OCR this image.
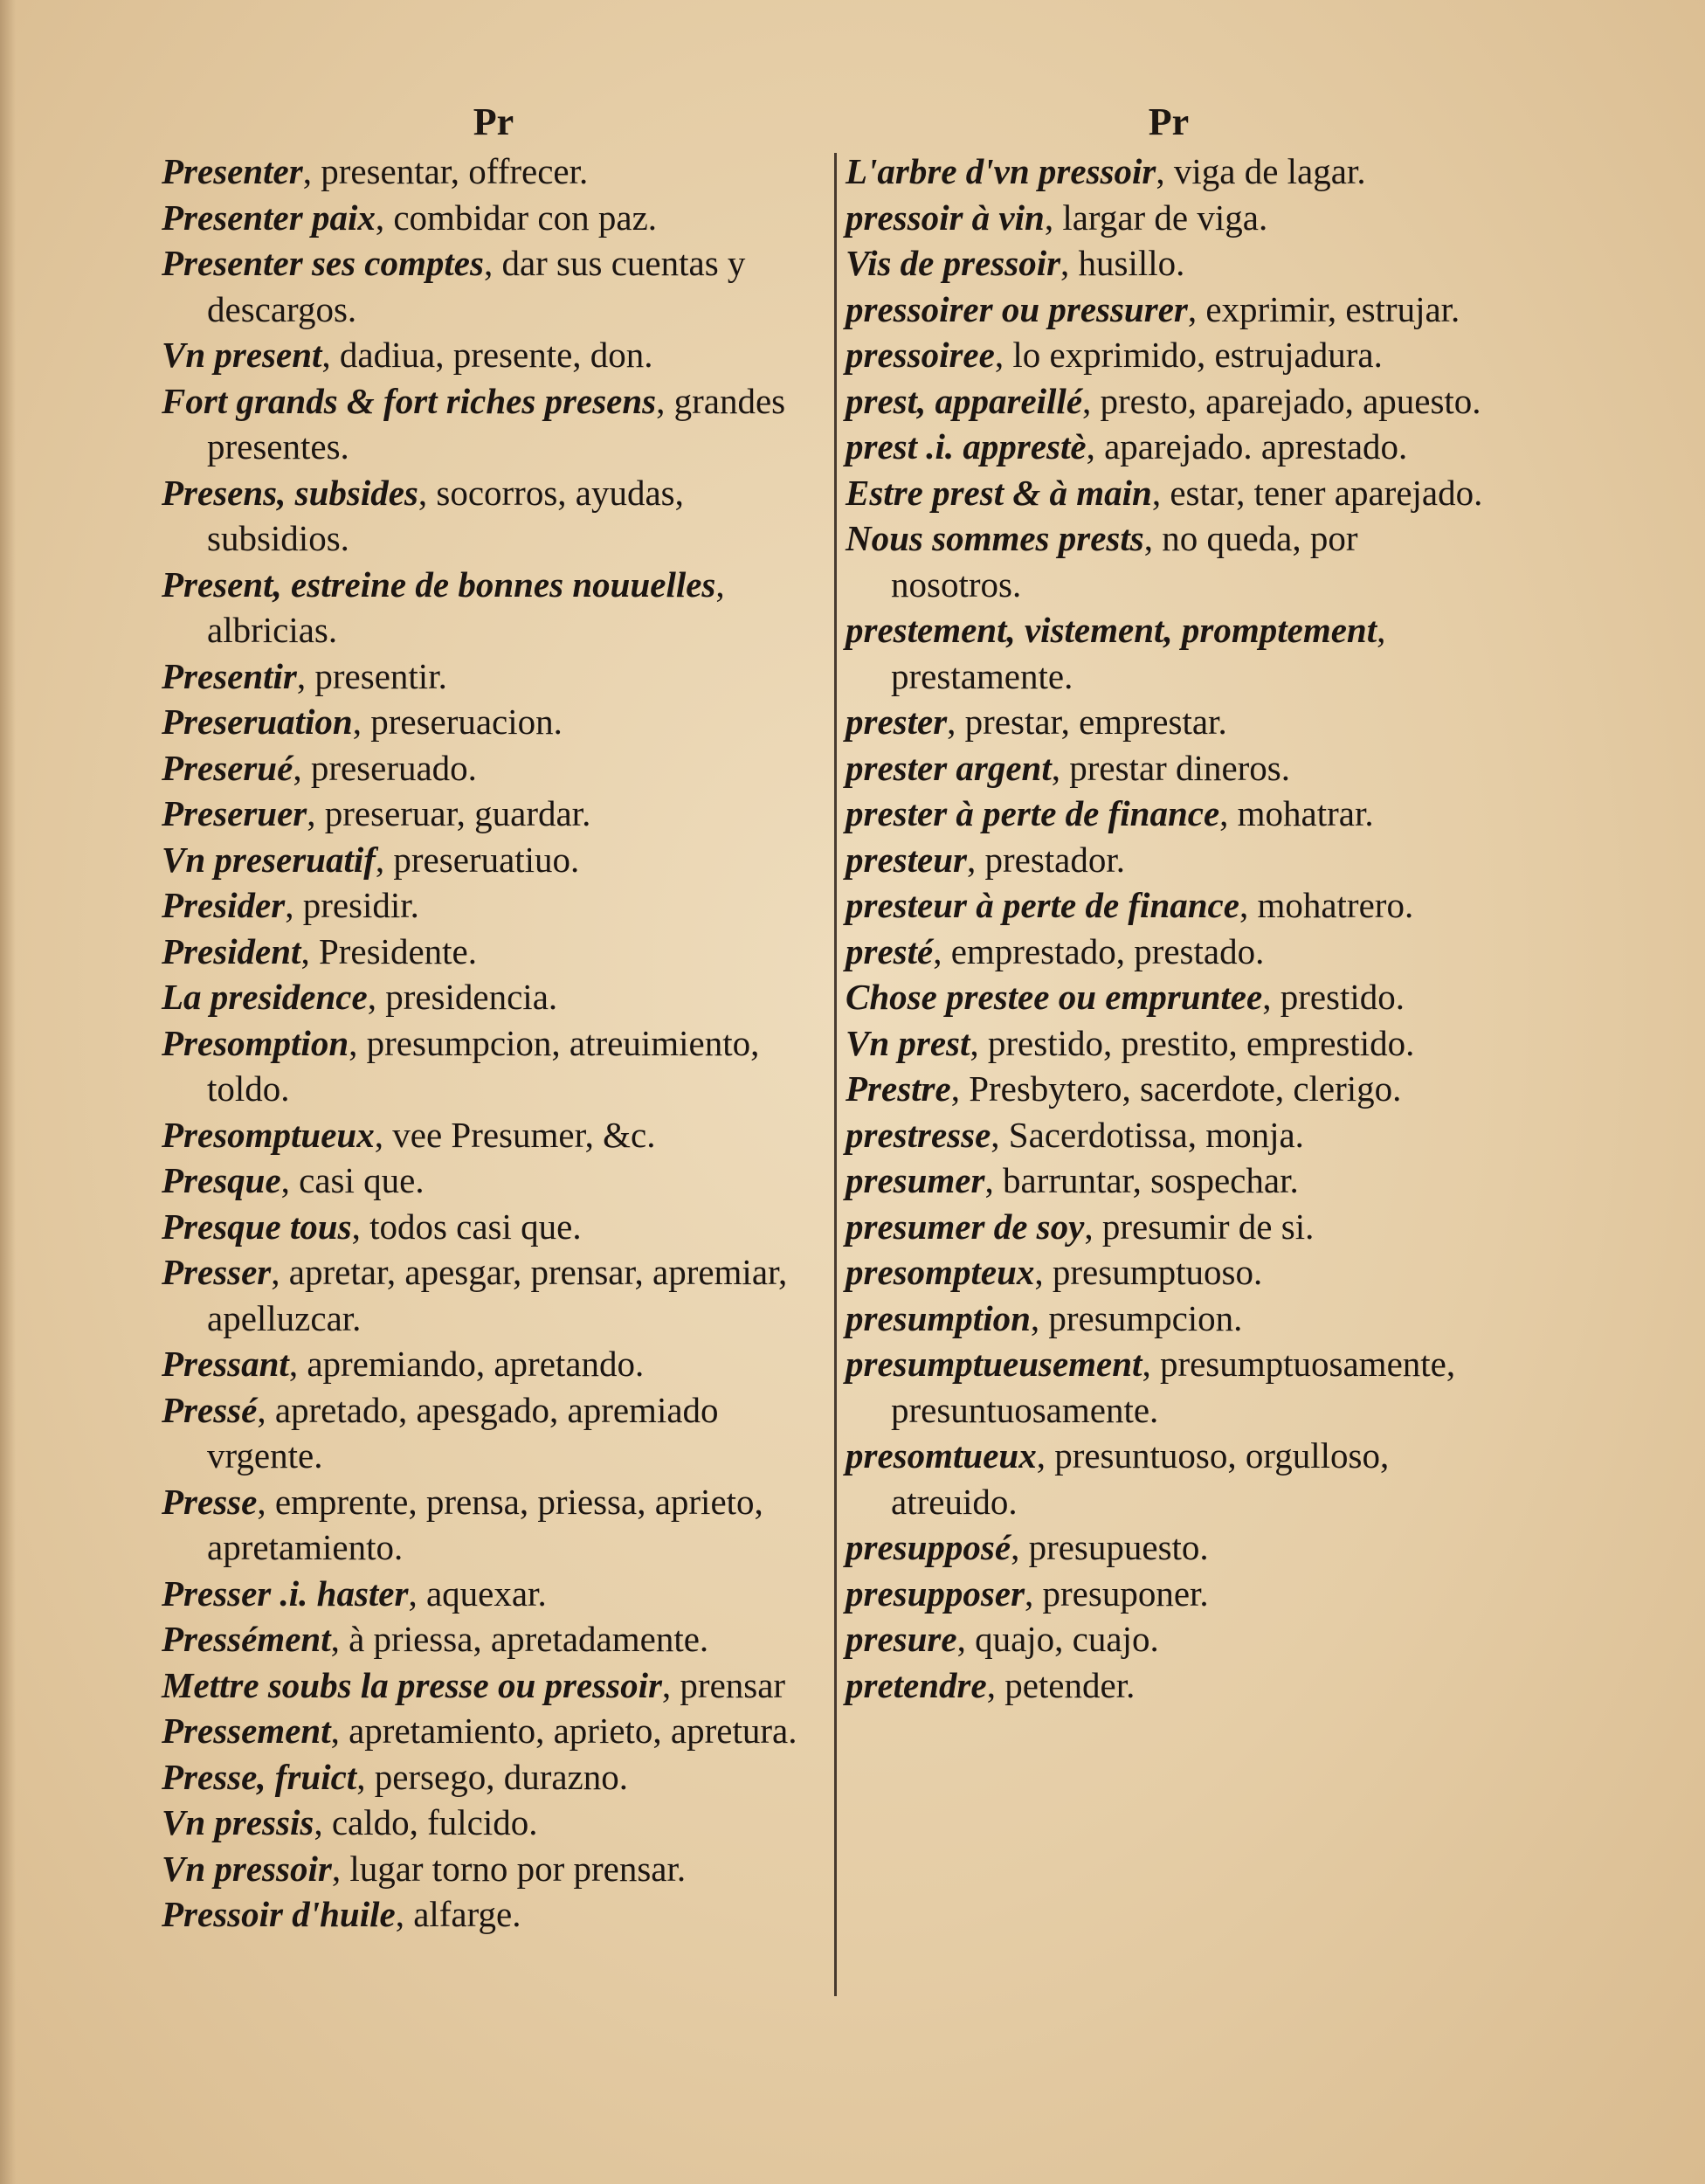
Pr
Presenter, presentar, offrecer.
Presenter paix, combidar con paz.
Presenter ses comptes, dar sus cuentas y descargos.
Vn present, dadiua, presente, don.
Fort grands & fort riches presens, grandes presentes.
Presens, subsides, socorros, ayudas, subsidios.
Present, estreine de bonnes nouuelles, albricias.
Presentir, presentir.
Preseruation, preseruacion.
Preserué, preseruado.
Preseruer, preseruar, guardar.
Vn preseruatif, preseruatiuo.
Presider, presidir.
President, Presidente.
La presidence, presidencia.
Presomption, presumpcion, atreuimiento, toldo.
Presomptueux, vee Presumer, &c.
Presque, casi que.
Presque tous, todos casi que.
Presser, apretar, apesgar, prensar, apremiar, apelluzcar.
Pressant, apremiando, apretando.
Pressé, apretado, apesgado, apremiado vrgente.
Presse, emprente, prensa, priessa, aprieto, apretamiento.
Presser .i. haster, aquexar.
Pressément, à priessa, apretadamente.
Mettre soubs la presse ou pressoir, prensar
Pressement, apretamiento, aprieto, apretura.
Presse, fruict, persego, durazno.
Vn pressis, caldo, fulcido.
Vn pressoir, lugar torno por prensar.
Pressoir d'huile, alfarge.
Pr
L'arbre d'vn pressoir, viga de lagar.
pressoir à vin, largar de viga.
Vis de pressoir, husillo.
pressoirer ou pressurer, exprimir, estrujar.
pressoiree, lo exprimido, estrujadura.
prest, appareillé, presto, aparejado, apuesto.
prest .i. apprestè, aparejado. aprestado.
Estre prest & à main, estar, tener aparejado.
Nous sommes prests, no queda, por nosotros.
prestement, vistement, promptement, prestamente.
prester, prestar, emprestar.
prester argent, prestar dineros.
prester à perte de finance, mohatrar.
presteur, prestador.
presteur à perte de finance, mohatrero.
presté, emprestado, prestado.
Chose prestee ou empruntee, prestido.
Vn prest, prestido, prestito, emprestido.
Prestre, Presbytero, sacerdote, clerigo.
prestresse, Sacerdotissa, monja.
presumer, barruntar, sospechar.
presumer de soy, presumir de si.
presompteux, presumptuoso.
presumption, presumpcion.
presumptueusement, presumptuosamente, presuntuosamente.
presomtueux, presuntuoso, orgulloso, atreuido.
presupposé, presupuesto.
presupposer, presuponer.
presure, quajo, cuajo.
pretendre, petender.
